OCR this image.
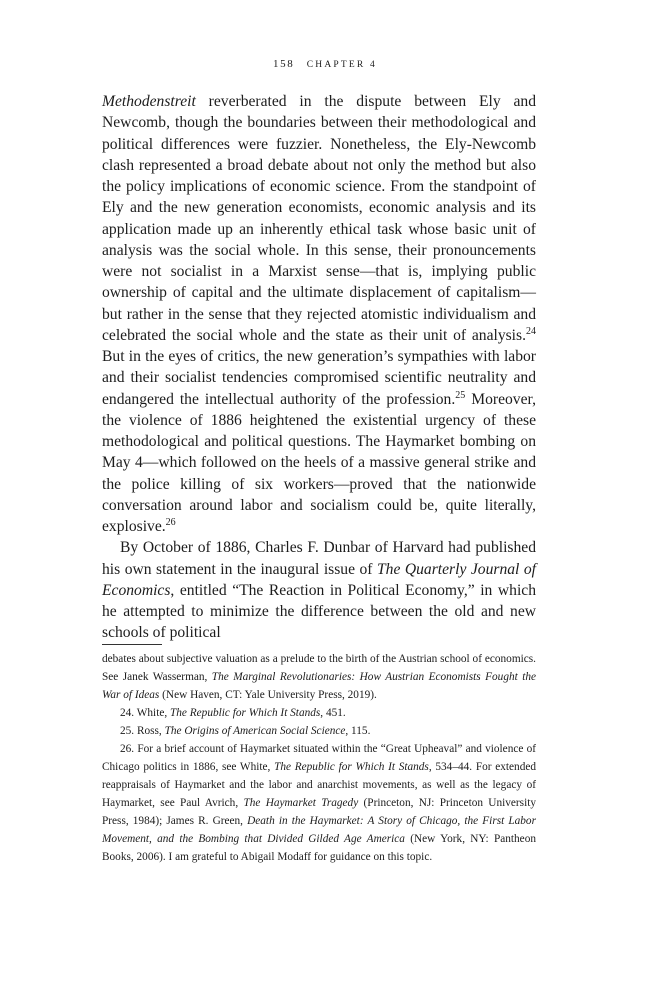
158 CHAPTER 4

Methodenstreit reverberated in the dispute between Ely and Newcomb, though the boundaries between their methodological and political differences were fuzzier. Nonetheless, the Ely-Newcomb clash represented a broad debate about not only the method but also the policy implications of economic science. From the standpoint of Ely and the new generation economists, economic analysis and its application made up an inherently ethical task whose basic unit of analysis was the social whole. In this sense, their pronouncements were not socialist in a Marxist sense—that is, implying public ownership of capital and the ultimate displacement of capitalism—but rather in the sense that they rejected atomistic individualism and celebrated the social whole and the state as their unit of analysis.$^{24}$ But in the eyes of critics, the new generation’s sympathies with labor and their socialist tendencies compromised scientific neutrality and endangered the intellectual authority of the profession.$^{25}$ Moreover, the violence of 1886 heightened the existential urgency of these methodological and political questions. The Haymarket bombing on May 4—which followed on the heels of a massive general strike and the police killing of six workers—proved that the nationwide conversation around labor and socialism could be, quite literally, explosive.$^{26}$

By October of 1886, Charles F. Dunbar of Harvard had published his own statement in the inaugural issue of The Quarterly Journal of Economics, entitled “The Reaction in Political Economy,” in which he attempted to minimize the difference between the old and new schools of political

debates about subjective valuation as a prelude to the birth of the Austrian school of economics. See Janek Wasserman, The Marginal Revolutionaries: How Austrian Economists Fought the War of Ideas (New Haven, CT: Yale University Press, 2019).

24. White, The Republic for Which It Stands, 451.

25. Ross, The Origins of American Social Science, 115.

26. For a brief account of Haymarket situated within the “Great Upheaval” and violence of Chicago politics in 1886, see White, The Republic for Which It Stands, 534–44. For extended reappraisals of Haymarket and the labor and anarchist movements, as well as the legacy of Haymarket, see Paul Avrich, The Haymarket Tragedy (Princeton, NJ: Princeton University Press, 1984); James R. Green, Death in the Haymarket: A Story of Chicago, the First Labor Movement, and the Bombing that Divided Gilded Age America (New York, NY: Pantheon Books, 2006). I am grateful to Abigail Modaff for guidance on this topic.
